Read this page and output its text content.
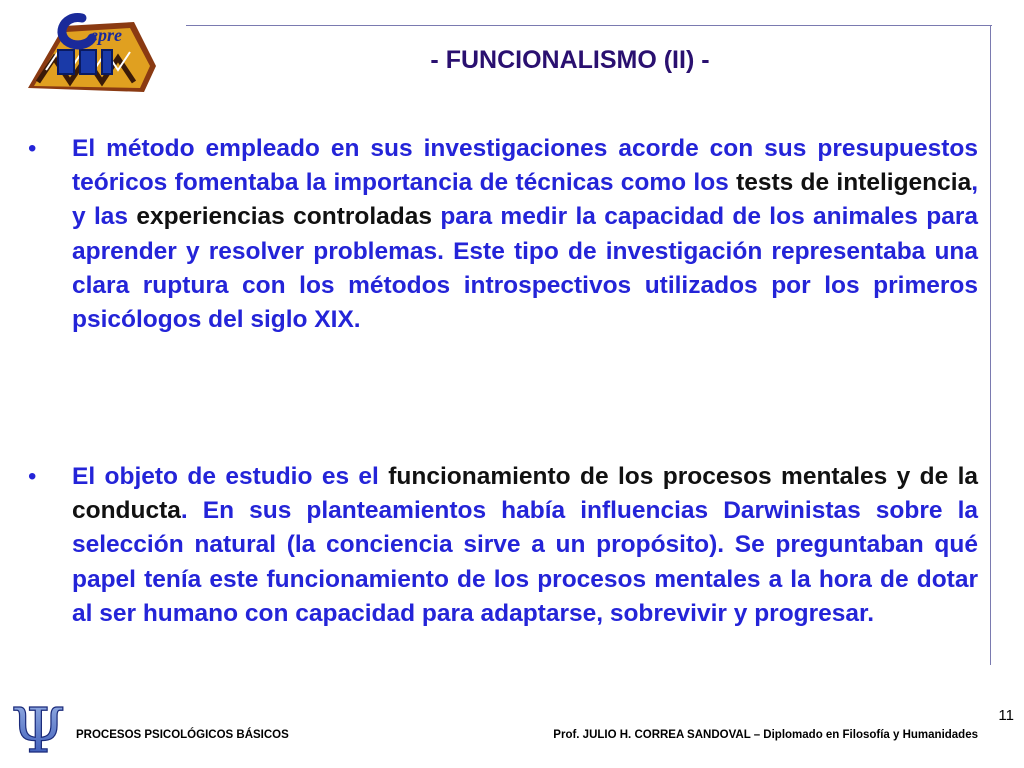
epre
- FUNCIONALISMO (II) -
•	El método empleado en sus investigaciones acorde con sus presupuestos teóricos fomentaba la importancia de técnicas como los tests de inteligencia, y las experiencias controladas para medir la capacidad de los animales para aprender y resolver problemas. Este tipo de investigación representaba una clara ruptura con los métodos introspectivos utilizados por los primeros psicólogos del siglo XIX.
•	El objeto de estudio es el funcionamiento de los procesos mentales y de la conducta. En sus planteamientos había influencias Darwinistas sobre la selección natural (la conciencia sirve a un propósito). Se preguntaban qué papel tenía este funcionamiento de los procesos mentales a la hora de dotar al ser humano con capacidad para adaptarse, sobrevivir y progresar.
Ψ PROCESOS PSICOLÓGICOS BÁSICOS	Prof. JULIO H. CORREA SANDOVAL – Diplomado en Filosofía y Humanidades
11
